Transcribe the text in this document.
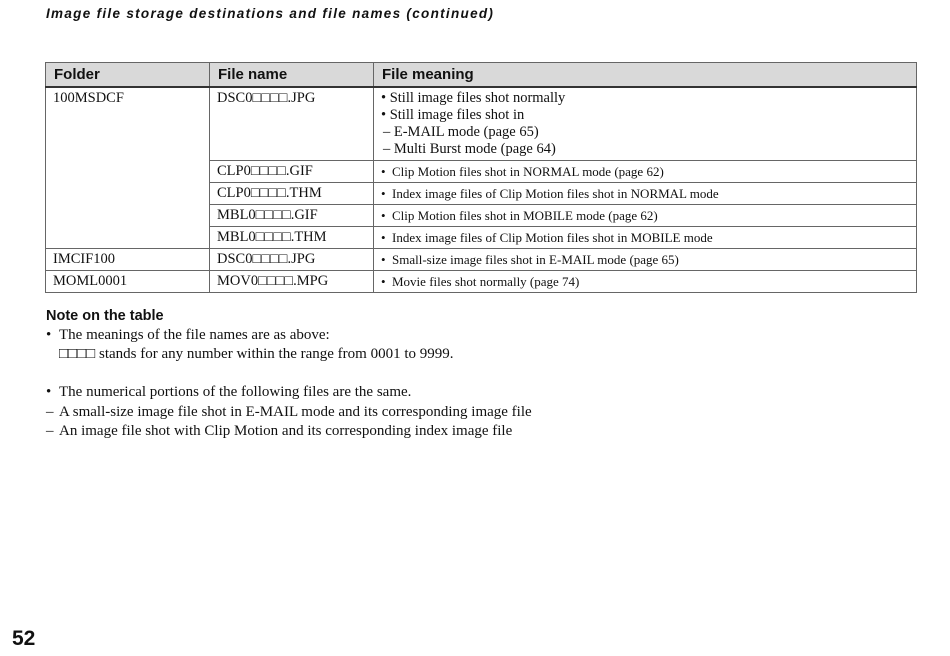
Image file storage destinations and file names (continued)
Folder	File name	File meaning
100MSDCF	DSC0□□□□.JPG	• Still image files shot normally
• Still image files shot in
– E-MAIL mode (page 65)
– Multi Burst mode (page 64)

	CLP0□□□□.GIF	• Clip Motion files shot in NORMAL mode (page 62)
	CLP0□□□□.THM	• Index image files of Clip Motion files shot in NORMAL mode
	MBL0□□□□.GIF	• Clip Motion files shot in MOBILE mode (page 62)
	MBL0□□□□.THM	• Index image files of Clip Motion files shot in MOBILE mode
IMCIF100	DSC0□□□□.JPG	• Small-size image files shot in E-MAIL mode (page 65)
MOML0001	MOV0□□□□.MPG	• Movie files shot normally (page 74)
Note on the table
• The meanings of the file names are as above:
□□□□ stands for any number within the range from 0001 to 9999.
• The numerical portions of the following files are the same.
– A small-size image file shot in E-MAIL mode and its corresponding image file
– An image file shot with Clip Motion and its corresponding index image file
52
